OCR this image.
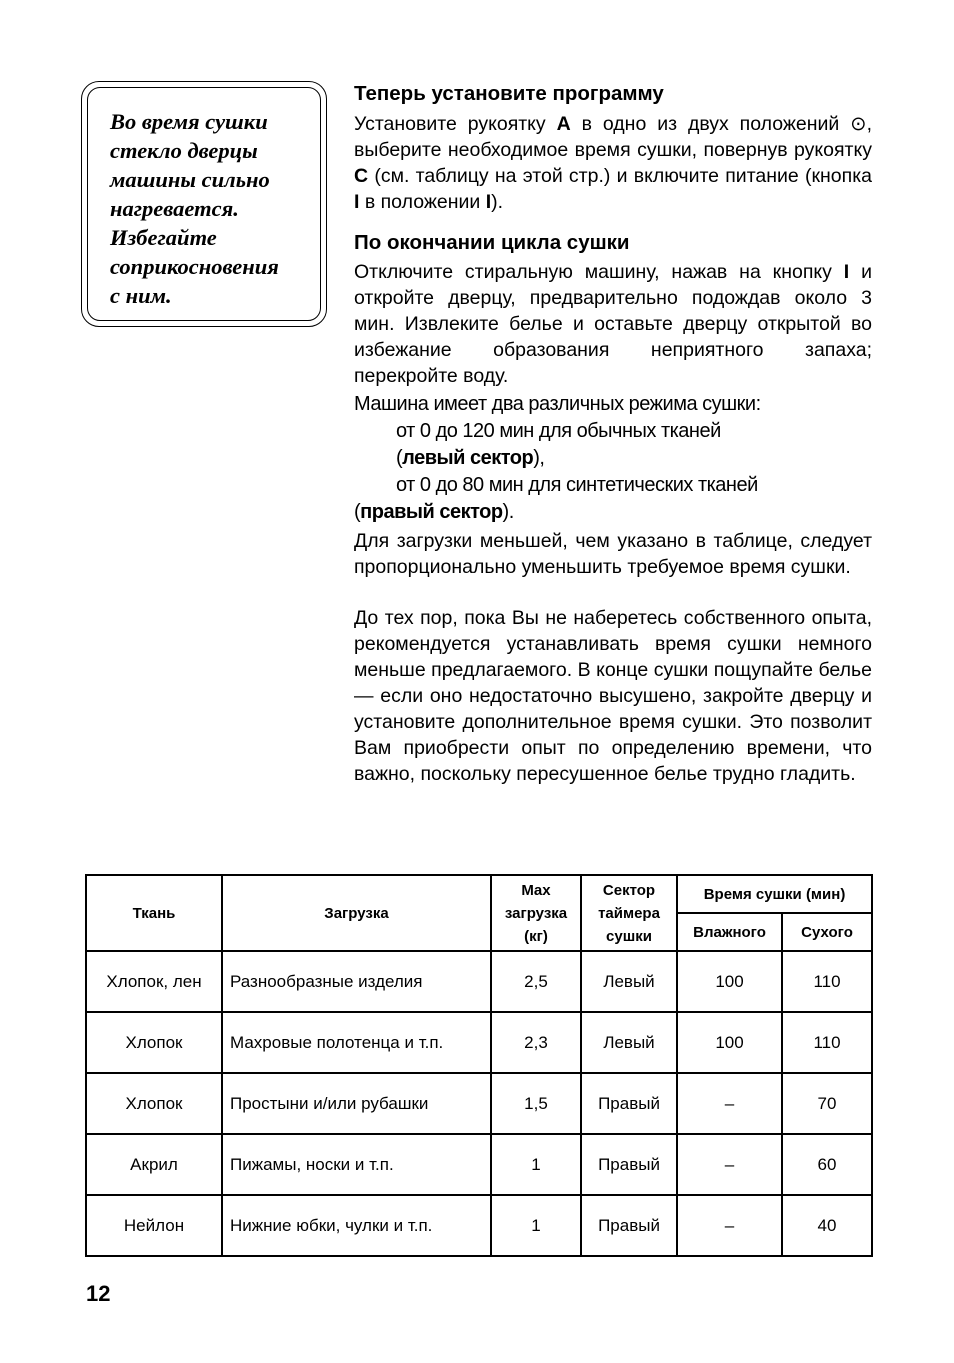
Во время сушки
стекло дверцы
машины сильно
нагревается.
Избегайте
соприкосновения
с ним.

Теперь установите программу

Установите рукоятку A в одно из двух положений ⊙, выберите необходимое время сушки, повернув рукоятку C (см. таблицу на этой стр.) и включите питание (кнопка I в положении I).

По окончании цикла сушки

Отключите стиральную машину, нажав на кнопку I и откройте дверцу, предварительно подождав около 3 мин. Извлеките белье и оставьте дверцу открытой во избежание образования неприятного запаха; перекройте воду.

Машина имеет два различных режима сушки:
от 0 до 120 мин для обычных тканей
(левый сектор),
от 0 до 80 мин для синтетических тканей
(правый сектор).

Для загрузки меньшей, чем указано в таблице, следует пропорционально уменьшить требуемое время сушки.

До тех пор, пока Вы не наберетесь собственного опыта, рекомендуется устанавливать время сушки немного меньше предлагаемого. В конце сушки пощупайте белье — если оно недостаточно высушено, закройте дверцу и установите дополнительное время сушки. Это позволит Вам приобрести опыт по определению времени, что важно, поскольку пересушенное белье трудно гладить.

Ткань	Загрузка	Max загрузка (кг)	Сектор таймера сушки	Время сушки (мин)	
				Влажного	Сухого
Хлопок, лен	Разнообразные изделия	2,5	Левый	100	110
Хлопок	Махровые полотенца и т.п.	2,3	Левый	100	110
Хлопок	Простыни и/или рубашки	1,5	Правый	–	70
Акрил	Пижамы, носки и т.п.	1	Правый	–	60
Нейлон	Нижние юбки, чулки и т.п.	1	Правый	–	40
12
